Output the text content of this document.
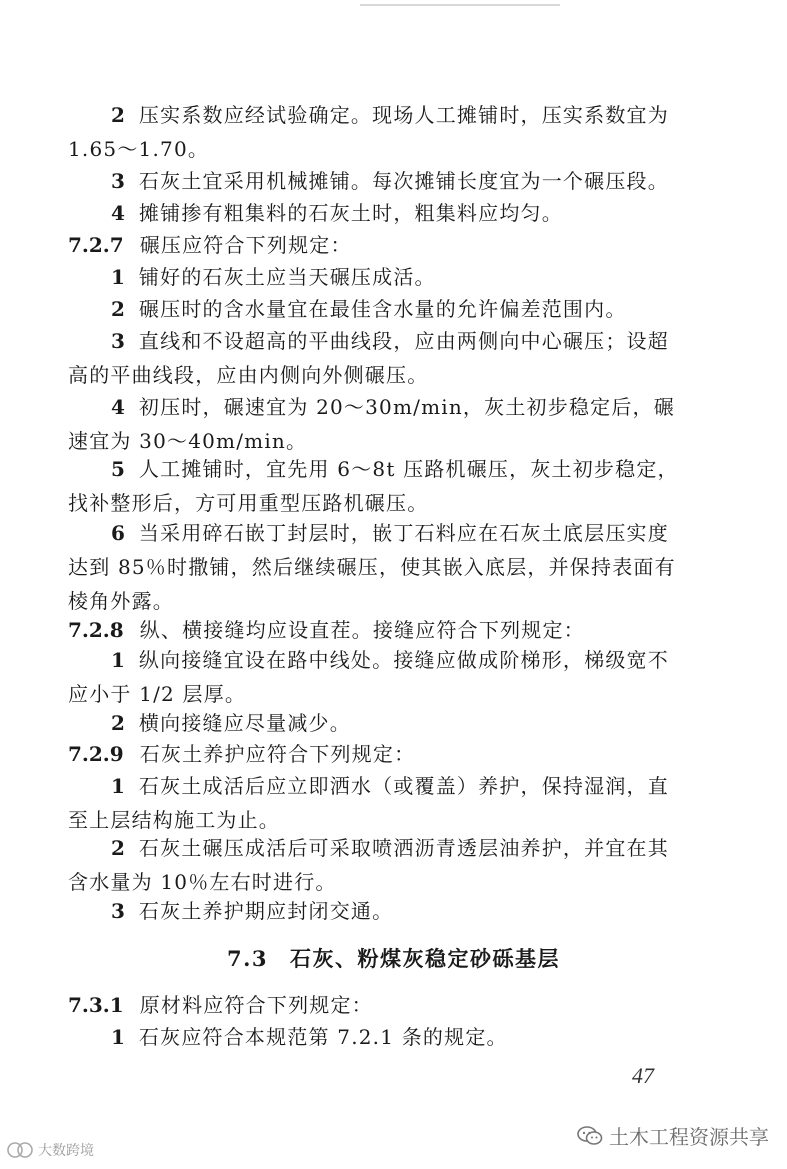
2 压实系数应经试验确定。现场人工摊铺时，压实系数宜为 1.65～1.70。
3 石灰土宜采用机械摊铺。每次摊铺长度宜为一个碾压段。
4 摊铺掺有粗集料的石灰土时，粗集料应均匀。
7.2.7 碾压应符合下列规定：
1 铺好的石灰土应当天碾压成活。
2 碾压时的含水量宜在最佳含水量的允许偏差范围内。
3 直线和不设超高的平曲线段，应由两侧向中心碾压；设超高的平曲线段，应由内侧向外侧碾压。
4 初压时，碾速宜为 20～30m/min，灰土初步稳定后，碾速宜为 30～40m/min。
5 人工摊铺时，宜先用 6～8t 压路机碾压，灰土初步稳定，找补整形后，方可用重型压路机碾压。
6 当采用碎石嵌丁封层时，嵌丁石料应在石灰土底层压实度达到 85％时撒铺，然后继续碾压，使其嵌入底层，并保持表面有棱角外露。
7.2.8 纵、横接缝均应设直茬。接缝应符合下列规定：
1 纵向接缝宜设在路中线处。接缝应做成阶梯形，梯级宽不应小于 1/2 层厚。
2 横向接缝应尽量减少。
7.2.9 石灰土养护应符合下列规定：
1 石灰土成活后应立即洒水（或覆盖）养护，保持湿润，直至上层结构施工为止。
2 石灰土碾压成活后可采取喷洒沥青透层油养护，并宜在其含水量为 10％左右时进行。
3 石灰土养护期应封闭交通。
7.3 石灰、粉煤灰稳定砂砾基层
7.3.1 原材料应符合下列规定：
1 石灰应符合本规范第 7.2.1 条的规定。
47
土木工程资源共享
大数跨境
